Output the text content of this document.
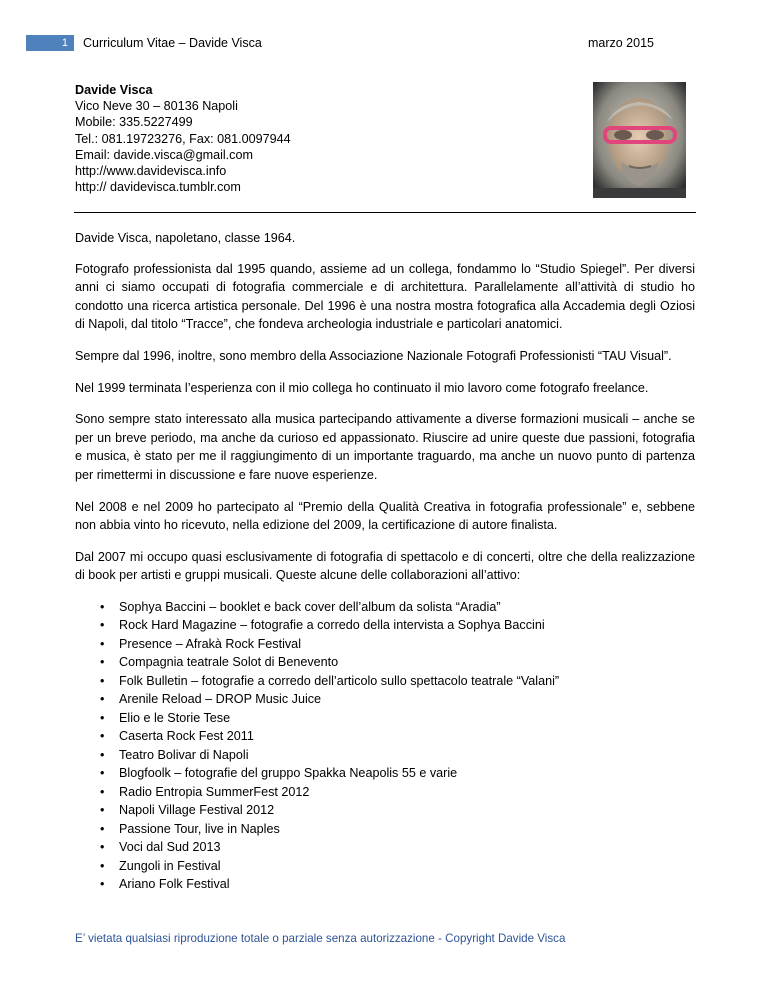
1	Curriculum Vitae – Davide Visca	marzo 2015
Davide Visca
Vico Neve 30 – 80136 Napoli
Mobile: 335.5227499
Tel.: 081.19723276, Fax: 081.0097944
Email: davide.visca@gmail.com
http://www.davidevisca.info
http:// davidevisca.tumblr.com

Davide Visca, napoletano, classe 1964.

Fotografo professionista dal 1995 quando, assieme ad un collega, fondammo lo “Studio Spiegel”. Per diversi anni ci siamo occupati di fotografia commerciale e di architettura. Parallelamente all’attività di studio ho condotto una ricerca artistica personale. Del 1996 è una nostra mostra fotografica alla Accademia degli Oziosi di Napoli, dal titolo “Tracce”, che fondeva archeologia industriale e particolari anatomici.

Sempre dal 1996, inoltre, sono membro della Associazione Nazionale Fotografi Professionisti “TAU Visual”.

Nel 1999 terminata l’esperienza con il mio collega ho continuato il mio lavoro come fotografo freelance.

Sono sempre stato interessato alla musica partecipando attivamente a diverse formazioni musicali – anche se per un breve periodo, ma anche da curioso ed appassionato. Riuscire ad unire queste due passioni, fotografia e musica, è stato per me il raggiungimento di un importante traguardo, ma anche un nuovo punto di partenza per rimettermi in discussione e fare nuove esperienze.

Nel 2008 e nel 2009 ho partecipato al “Premio della Qualità Creativa in fotografia professionale” e, sebbene non abbia vinto ho ricevuto, nella edizione del 2009, la certificazione di autore finalista.

Dal 2007 mi occupo quasi esclusivamente di fotografia di spettacolo e di concerti, oltre che della realizzazione di book per artisti e gruppi musicali. Queste alcune delle collaborazioni all’attivo:

• Sophya Baccini – booklet e back cover dell’album da solista “Aradia”
• Rock Hard Magazine – fotografie a corredo della intervista a Sophya Baccini
• Presence – Afrakà Rock Festival
• Compagnia teatrale Solot di Benevento
• Folk Bulletin – fotografie a corredo dell’articolo sullo spettacolo teatrale “Valani”
• Arenile Reload – DROP Music Juice
• Elio e le Storie Tese
• Caserta Rock Fest 2011
• Teatro Bolivar di Napoli
• Blogfoolk – fotografie del gruppo Spakka Neapolis 55 e varie
• Radio Entropia SummerFest 2012
• Napoli Village Festival 2012
• Passione Tour, live in Naples
• Voci dal Sud 2013
• Zungoli in Festival
• Ariano Folk Festival
E’ vietata qualsiasi riproduzione totale o parziale senza autorizzazione - Copyright Davide Visca
